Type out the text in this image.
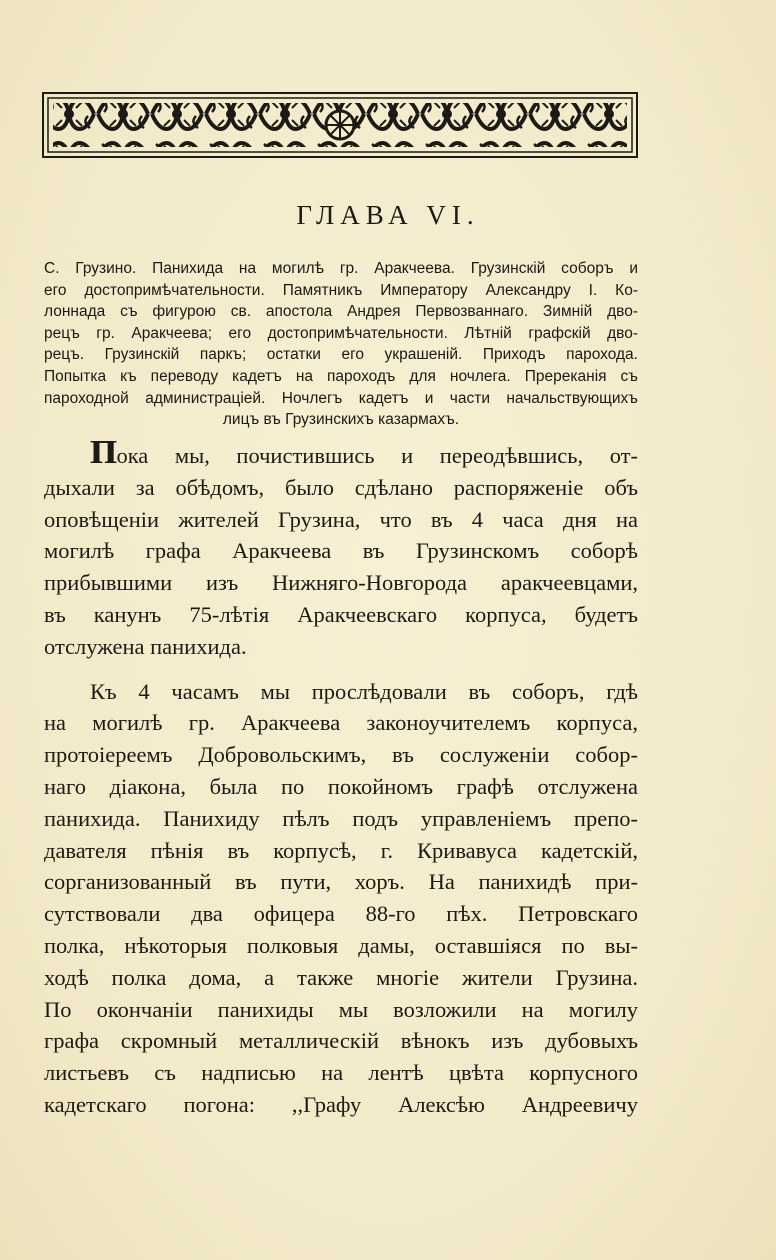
ГЛАВА VI.
С. Грузино. Панихида на могилѣ гр. Аракчеева. Грузинскій соборъ и
его достопримѣчательности. Памятникъ Императору Александру I. Ко-
лоннада съ фигурою св. апостола Андрея Первозваннаго. Зимній дво-
рецъ гр. Аракчеева; его достопримѣчательности. Лѣтній графскій дво-
рецъ. Грузинскій паркъ; остатки его украшеній. Приходъ парохода.
Попытка къ переводу кадетъ на пароходъ для ночлега. Пререканія съ
пароходной администраціей. Ночлегъ кадетъ и части начальствующихъ
лицъ въ Грузинскихъ казармахъ.
Пока мы, почистившись и переодѣвшись, от-
дыхали за обѣдомъ, было сдѣлано распоряженіе объ
оповѣщеніи жителей Грузина, что въ 4 часа дня на
могилѣ графа Аракчеева въ Грузинскомъ соборѣ
прибывшими изъ Нижняго-Новгорода аракчеевцами,
въ канунъ 75-лѣтія Аракчеевскаго корпуса, будетъ
отслужена панихида.
Къ 4 часамъ мы прослѣдовали въ соборъ, гдѣ
на могилѣ гр. Аракчеева законоучителемъ корпуса,
протоіереемъ Добровольскимъ, въ сослуженіи собор-
наго діакона, была по покойномъ графѣ отслужена
панихида. Панихиду пѣлъ подъ управленіемъ препо-
давателя пѣнія въ корпусѣ, г. Кривавуса кадетскій,
сорганизованный въ пути, хоръ. На панихидѣ при-
сутствовали два офицера 88-го пѣх. Петровскаго
полка, нѣкоторыя полковыя дамы, оставшіяся по вы-
ходѣ полка дома, а также многіе жители Грузина.
По окончаніи панихиды мы возложили на могилу
графа скромный металлическій вѣнокъ изъ дубовыхъ
листьевъ съ надписью на лентѣ цвѣта корпусного
кадетскаго погона: ,,Графу Алексѣю Андреевичу
